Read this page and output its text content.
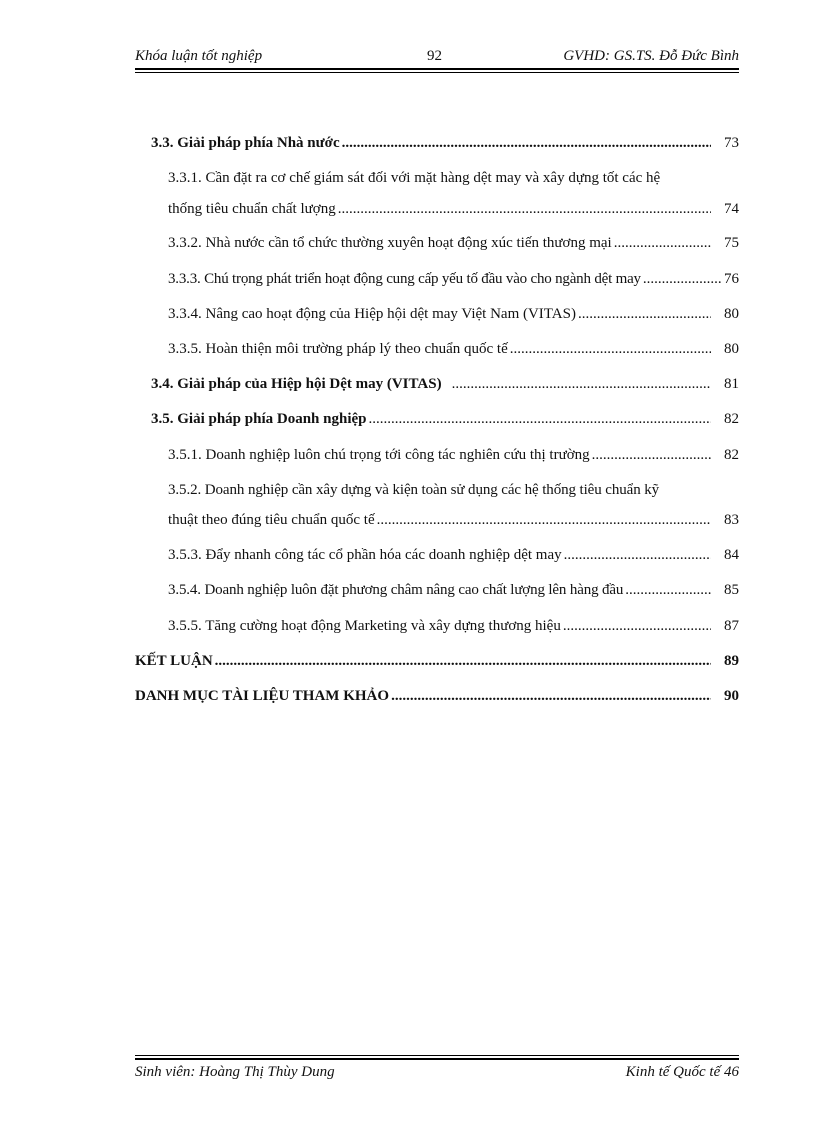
Khóa luận tốt nghiệp	92	GVHD: GS.TS. Đỗ Đức Bình
3.3. Giải pháp phía Nhà nước .....	73
3.3.1. Cần đặt ra cơ chế giám sát đối với mặt hàng dệt may và xây dựng tốt các hệ
thống tiêu chuẩn chất lượng .....	74
3.3.2. Nhà nước cần tổ chức thường xuyên hoạt động xúc tiến thương mại .....	75
3.3.3. Chú trọng phát triển hoạt động cung cấp yếu tố đầu vào cho ngành dệt may .....	76
3.3.4. Nâng cao hoạt động của Hiệp hội dệt may Việt Nam (VITAS) .....	80
3.3.5. Hoàn thiện môi trường pháp lý theo chuẩn quốc tế .....	80
3.4. Giải pháp của Hiệp hội Dệt may (VITAS) .....	81
3.5. Giải pháp phía Doanh nghiệp .....	82
3.5.1. Doanh nghiệp luôn chú trọng tới công tác nghiên cứu thị trường .....	82
3.5.2. Doanh nghiệp cần xây dựng và kiện toàn sử dụng các hệ thống tiêu chuẩn kỹ
thuật theo đúng tiêu chuẩn quốc tế .....	83
3.5.3. Đẩy nhanh công tác cổ phần hóa các doanh nghiệp dệt may .....	84
3.5.4. Doanh nghiệp luôn đặt phương châm nâng cao chất lượng lên hàng đầu .....	85
3.5.5. Tăng cường hoạt động Marketing và xây dựng thương hiệu .....	87
KẾT LUẬN .....	89
DANH MỤC TÀI LIỆU THAM KHẢO .....	90
Sinh viên: Hoàng Thị Thùy Dung	Kinh tế Quốc tế 46
